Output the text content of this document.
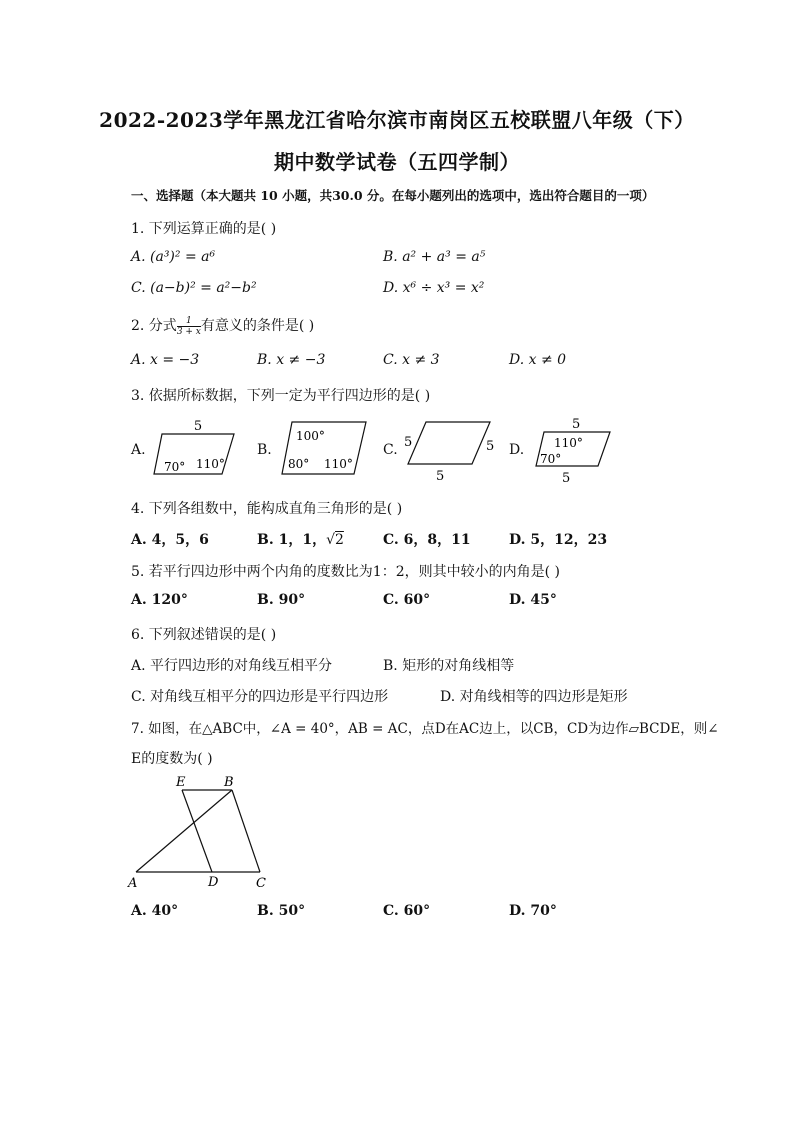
2022-2023学年黑龙江省哈尔滨市南岗区五校联盟八年级（下）
期中数学试卷（五四学制）
一、选择题（本大题共 10 小题，共30.0 分。在每小题列出的选项中，选出符合题目的一项）
1. 下列运算正确的是( )
A. (a³)² = a⁶	B. a² + a³ = a⁵
C. (a−b)² = a²−b²	D. x⁶ ÷ x³ = x²
2. 分式 $\frac{1}{3 + x}$ 有意义的条件是( )
A. x = −3	B. x ≠ −3	C. x ≠ 3	D. x ≠ 0
3. 依据所标数据，下列一定为平行四边形的是( )
A.	B.	C.	D.
5
70° 110°
100°
80° 110°
5	5
5
5
110°
70°
5
4. 下列各组数中，能构成直角三角形的是( )
A. 4，5，6	B. 1，1，√2	C. 6，8，11	D. 5，12，23
5. 若平行四边形中两个内角的度数比为1：2，则其中较小的内角是( )
A. 120°	B. 90°	C. 60°	D. 45°
6. 下列叙述错误的是( )
A. 平行四边形的对角线互相平分	B. 矩形的对角线相等
C. 对角线互相平分的四边形是平行四边形	D. 对角线相等的四边形是矩形
7. 如图，在△ABC中，∠A = 40°，AB = AC，点D在AC边上，以CB，CD为边作▱BCDE，则∠
E的度数为( )
E	B
A	D	C
A. 40°	B. 50°	C. 60°	D. 70°
